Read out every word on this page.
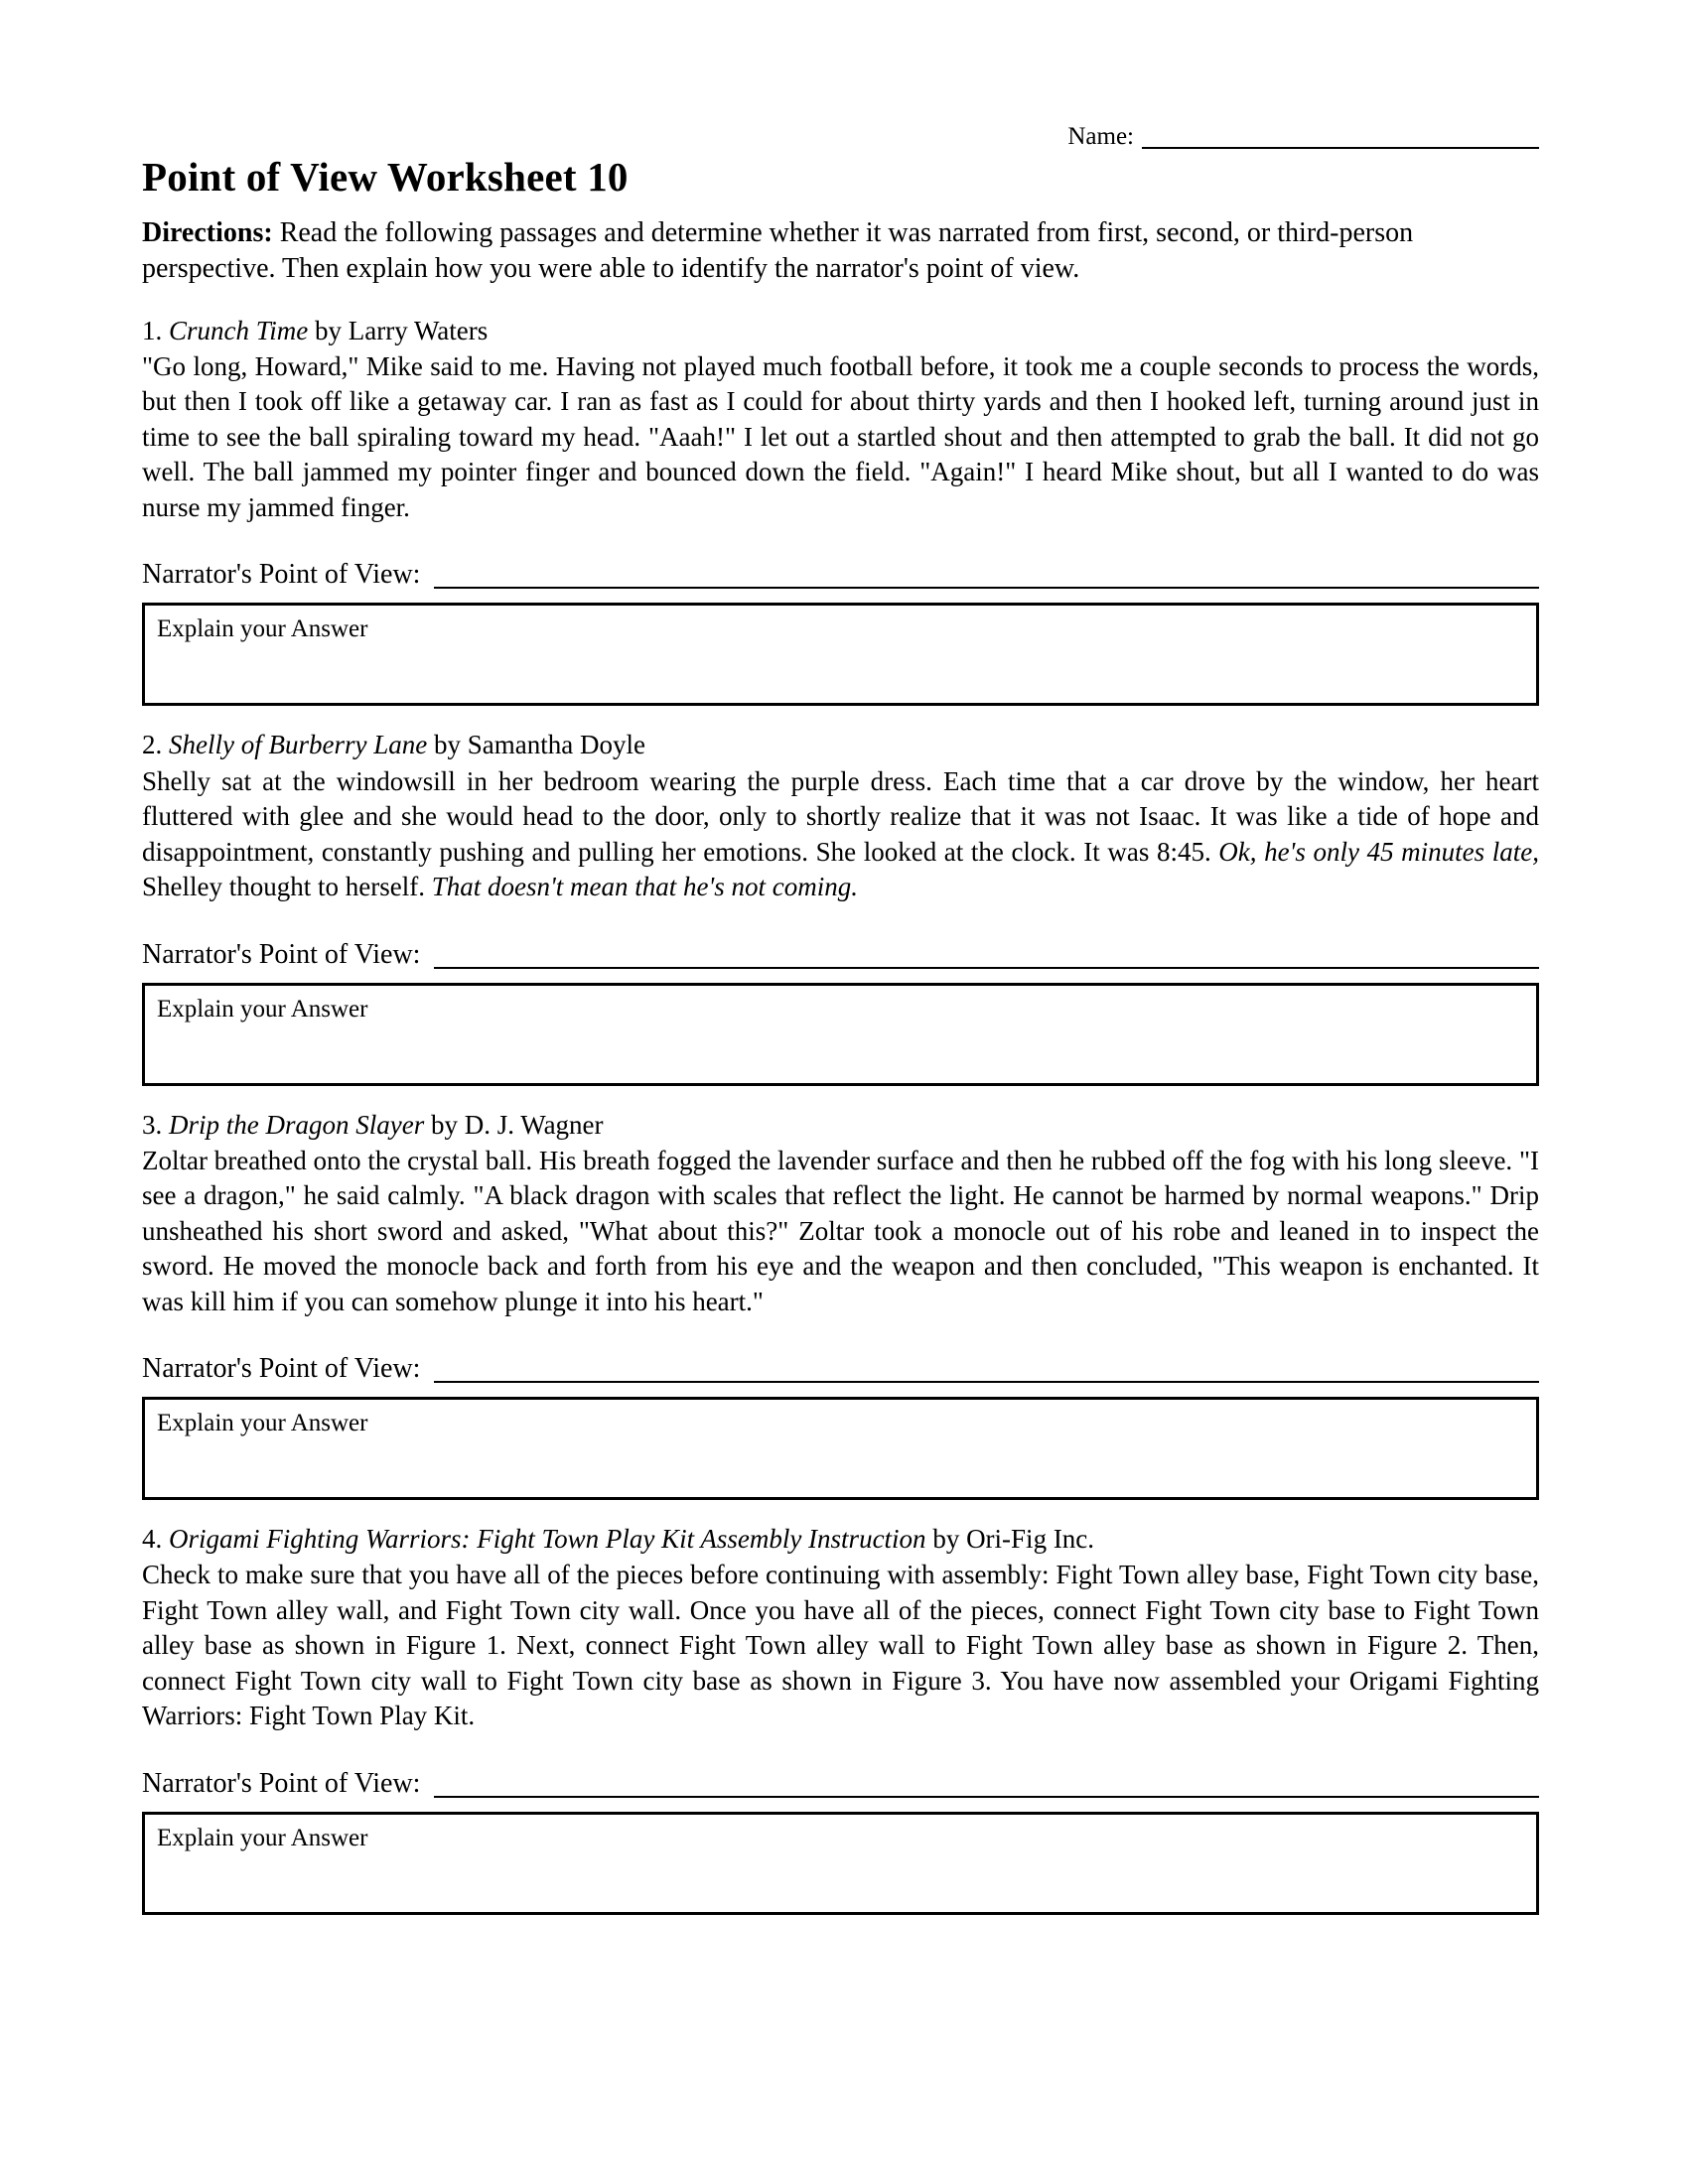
Name:
Point of View Worksheet 10

Directions: Read the following passages and determine whether it was narrated from first, second, or third-person perspective. Then explain how you were able to identify the narrator's point of view.

1. Crunch Time by Larry Waters

"Go long, Howard," Mike said to me. Having not played much football before, it took me a couple seconds to process the words, but then I took off like a getaway car. I ran as fast as I could for about thirty yards and then I hooked left, turning around just in time to see the ball spiraling toward my head. "Aaah!" I let out a startled shout and then attempted to grab the ball. It did not go well. The ball jammed my pointer finger and bounced down the field. "Again!" I heard Mike shout, but all I wanted to do was nurse my jammed finger.

Narrator's Point of View:
Explain your Answer

2. Shelly of Burberry Lane by Samantha Doyle

Shelly sat at the windowsill in her bedroom wearing the purple dress. Each time that a car drove by the window, her heart fluttered with glee and she would head to the door, only to shortly realize that it was not Isaac. It was like a tide of hope and disappointment, constantly pushing and pulling her emotions. She looked at the clock. It was 8:45. Ok, he's only 45 minutes late, Shelley thought to herself. That doesn't mean that he's not coming.

Narrator's Point of View:
Explain your Answer

3. Drip the Dragon Slayer by D. J. Wagner

Zoltar breathed onto the crystal ball. His breath fogged the lavender surface and then he rubbed off the fog with his long sleeve. "I see a dragon," he said calmly. "A black dragon with scales that reflect the light. He cannot be harmed by normal weapons." Drip unsheathed his short sword and asked, "What about this?" Zoltar took a monocle out of his robe and leaned in to inspect the sword. He moved the monocle back and forth from his eye and the weapon and then concluded, "This weapon is enchanted. It was kill him if you can somehow plunge it into his heart."

Narrator's Point of View:
Explain your Answer

4. Origami Fighting Warriors: Fight Town Play Kit Assembly Instruction by Ori-Fig Inc.

Check to make sure that you have all of the pieces before continuing with assembly: Fight Town alley base, Fight Town city base, Fight Town alley wall, and Fight Town city wall. Once you have all of the pieces, connect Fight Town city base to Fight Town alley base as shown in Figure 1. Next, connect Fight Town alley wall to Fight Town alley base as shown in Figure 2. Then, connect Fight Town city wall to Fight Town city base as shown in Figure 3. You have now assembled your Origami Fighting Warriors: Fight Town Play Kit.

Narrator's Point of View:
Explain your Answer
